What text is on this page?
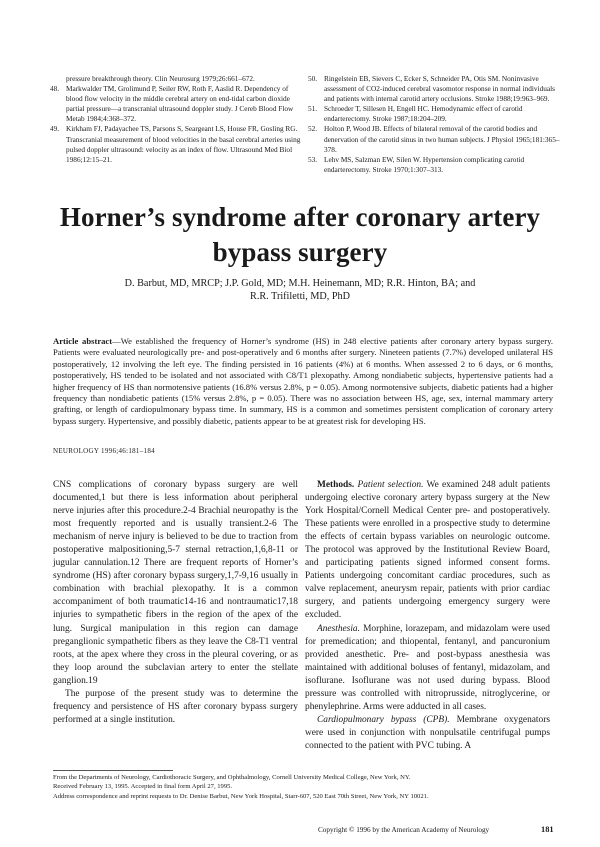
pressure breakthrough theory. Clin Neurosurg 1979;26:661–672.
48. Markwalder TM, Grolimund P, Seiler RW, Roth F, Aaslid R. Dependency of blood flow velocity in the middle cerebral artery on end-tidal carbon dioxide partial pressure—a transcranial ultrasound doppler study. J Cereb Blood Flow Metab 1984;4:368–372.
49. Kirkham FJ, Padayachee TS, Parsons S, Seargeant LS, House FR, Gosling RG. Transcranial measurement of blood velocities in the basal cerebral arteries using pulsed doppler ultrasound: velocity as an index of flow. Ultrasound Med Biol 1986;12:15–21.
50. Ringelstein EB, Sievers C, Ecker S, Schneider PA, Otis SM. Noninvasive assessment of CO2-induced cerebral vasomotor response in normal individuals and patients with internal carotid artery occlusions. Stroke 1988;19:963–969.
51. Schroeder T, Sillesen H, Engell HC. Hemodynamic effect of carotid endarterectomy. Stroke 1987;18:204–209.
52. Holton P, Wood JB. Effects of bilateral removal of the carotid bodies and denervation of the carotid sinus in two human subjects. J Physiol 1965;181:365–378.
53. Lehv MS, Salzman EW, Silen W. Hypertension complicating carotid endarterectomy. Stroke 1970;1:307–313.
Horner’s syndrome after coronary artery
bypass surgery
D. Barbut, MD, MRCP; J.P. Gold, MD; M.H. Heinemann, MD; R.R. Hinton, BA; and
R.R. Trifiletti, MD, PhD
Article abstract—We established the frequency of Horner’s syndrome (HS) in 248 elective patients after coronary artery bypass surgery. Patients were evaluated neurologically pre- and post-operatively and 6 months after surgery. Nineteen patients (7.7%) developed unilateral HS postoperatively, 12 involving the left eye. The finding persisted in 16 patients (4%) at 6 months. When assessed 2 to 6 days, or 6 months, postoperatively, HS tended to be isolated and not associated with C8/T1 plexopathy. Among nondiabetic subjects, hypertensive patients had a higher frequency of HS than normotensive patients (16.8% versus 2.8%, p = 0.05). Among normotensive subjects, diabetic patients had a higher frequency than nondiabetic patients (15% versus 2.8%, p = 0.05). There was no association between HS, age, sex, internal mammary artery grafting, or length of cardiopulmonary bypass time. In summary, HS is a common and sometimes persistent complication of coronary artery bypass surgery. Hypertensive, and possibly diabetic, patients appear to be at greatest risk for developing HS.
NEUROLOGY 1996;46:181–184

CNS complications of coronary bypass surgery are well documented,1 but there is less information about peripheral nerve injuries after this procedure.2-4 Brachial neuropathy is the most frequently reported and is usually transient.2-6 The mechanism of nerve injury is believed to be due to traction from postoperative malpositioning,5-7 sternal retraction,1,6,8-11 or jugular cannulation.12 There are frequent reports of Horner’s syndrome (HS) after coronary bypass surgery,1,7-9,16 usually in combination with brachial plexopathy. It is a common accompaniment of both traumatic14-16 and nontraumatic17,18 injuries to sympathetic fibers in the region of the apex of the lung. Surgical manipulation in this region can damage preganglionic sympathetic fibers as they leave the C8-T1 ventral roots, at the apex where they cross in the pleural covering, or as they loop around the subclavian artery to enter the stellate ganglion.19

The purpose of the present study was to determine the frequency and persistence of HS after coronary bypass surgery performed at a single institution.

Methods. Patient selection. We examined 248 adult patients undergoing elective coronary artery bypass surgery at the New York Hospital/Cornell Medical Center pre- and postoperatively. These patients were enrolled in a prospective study to determine the effects of certain bypass variables on neurologic outcome. The protocol was approved by the Institutional Review Board, and participating patients signed informed consent forms. Patients undergoing concomitant cardiac procedures, such as valve replacement, aneurysm repair, patients with prior cardiac surgery, and patients undergoing emergency surgery were excluded.

Anesthesia. Morphine, lorazepam, and midazolam were used for premedication; and thiopental, fentanyl, and pancuronium provided anesthetic. Pre- and post-bypass anesthesia was maintained with additional boluses of fentanyl, midazolam, and isoflurane. Isoflurane was not used during bypass. Blood pressure was controlled with nitroprusside, nitroglycerine, or phenylephrine. Arms were adducted in all cases.

Cardiopulmonary bypass (CPB). Membrane oxygenators were used in conjunction with nonpulsatile centrifugal pumps connected to the patient with PVC tubing. A

From the Departments of Neurology, Cardiothoracic Surgery, and Ophthalmology, Cornell University Medical College, New York, NY.
Received February 13, 1995. Accepted in final form April 27, 1995.
Address correspondence and reprint requests to Dr. Denise Barbut, New York Hospital, Starr-607, 520 East 70th Street, New York, NY 10021.
Copyright © 1996 by the American Academy of Neurology	181
